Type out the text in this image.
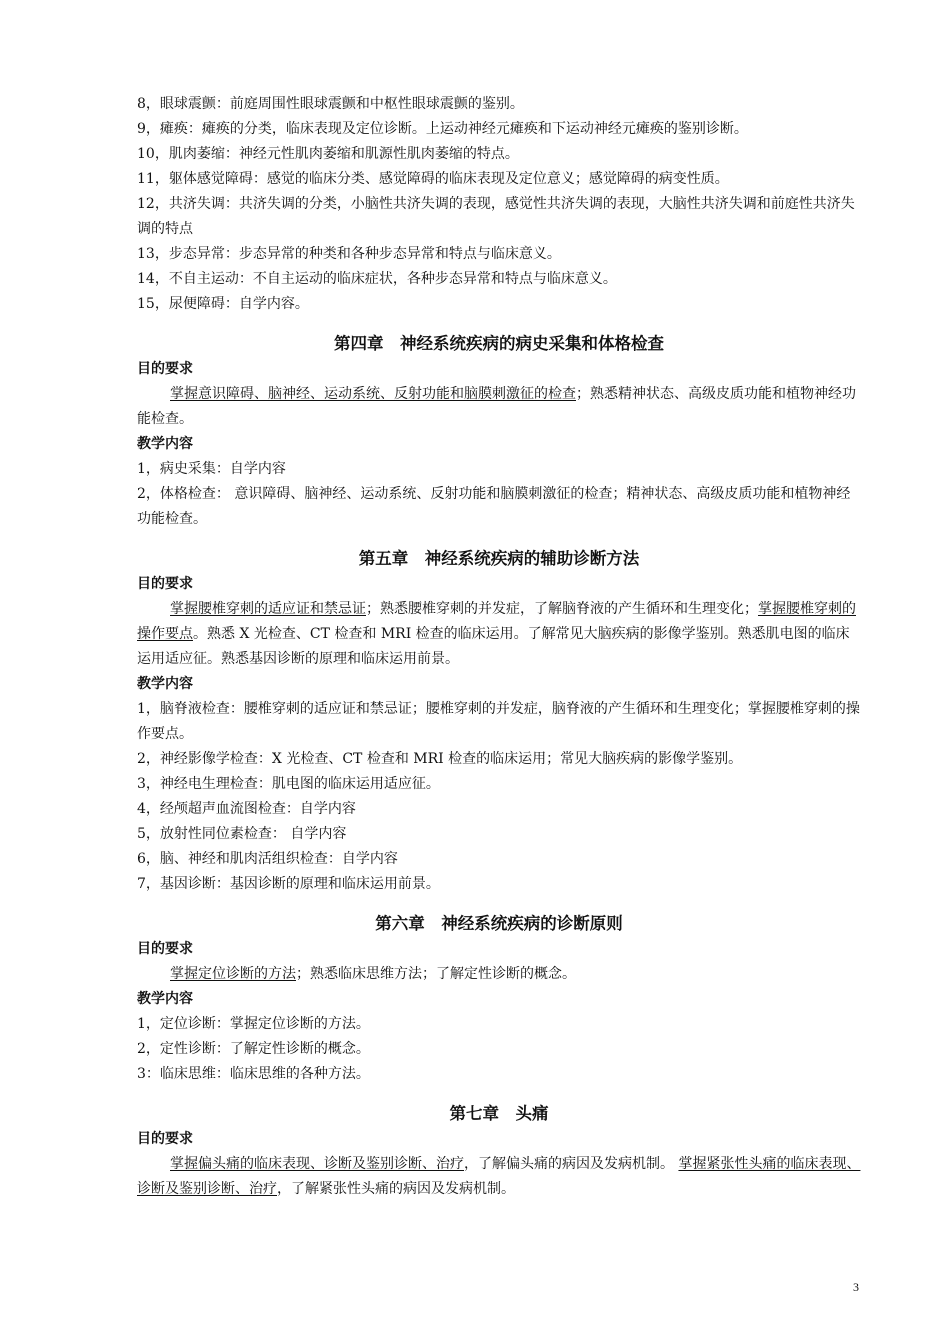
8，眼球震颤：前庭周围性眼球震颤和中枢性眼球震颤的鉴别。
9，瘫痪：瘫痪的分类，临床表现及定位诊断。上运动神经元瘫痪和下运动神经元瘫痪的鉴别诊断。
10，肌肉萎缩：神经元性肌肉萎缩和肌源性肌肉萎缩的特点。
11，躯体感觉障碍：感觉的临床分类、感觉障碍的临床表现及定位意义；感觉障碍的病变性质。
12，共济失调：共济失调的分类，小脑性共济失调的表现，感觉性共济失调的表现，大脑性共济失调和前庭性共济失调的特点
13，步态异常：步态异常的种类和各种步态异常和特点与临床意义。
14，不自主运动：不自主运动的临床症状，各种步态异常和特点与临床意义。
15，尿便障碍：自学内容。
第四章　神经系统疾病的病史采集和体格检查
目的要求
掌握意识障碍、脑神经、运动系统、反射功能和脑膜刺激征的检查；熟悉精神状态、高级皮质功能和植物神经功能检查。
教学内容
1，病史采集：自学内容
2，体格检查： 意识障碍、脑神经、运动系统、反射功能和脑膜刺激征的检查；精神状态、高级皮质功能和植物神经功能检查。
第五章　神经系统疾病的辅助诊断方法
目的要求
掌握腰椎穿刺的适应证和禁忌证；熟悉腰椎穿刺的并发症，了解脑脊液的产生循环和生理变化；掌握腰椎穿刺的操作要点。熟悉 X 光检查、CT 检查和 MRI 检查的临床运用。了解常见大脑疾病的影像学鉴别。熟悉肌电图的临床运用适应征。熟悉基因诊断的原理和临床运用前景。
教学内容
1，脑脊液检查：腰椎穿刺的适应证和禁忌证；腰椎穿刺的并发症，脑脊液的产生循环和生理变化；掌握腰椎穿刺的操作要点。
2，神经影像学检查：X 光检查、CT 检查和 MRI 检查的临床运用；常见大脑疾病的影像学鉴别。
3，神经电生理检查：肌电图的临床运用适应征。
4，经颅超声血流图检查：自学内容
5，放射性同位素检查： 自学内容
6，脑、神经和肌肉活组织检查：自学内容
7，基因诊断：基因诊断的原理和临床运用前景。
第六章　神经系统疾病的诊断原则
目的要求
掌握定位诊断的方法；熟悉临床思维方法；了解定性诊断的概念。
教学内容
1，定位诊断：掌握定位诊断的方法。
2，定性诊断：了解定性诊断的概念。
3：临床思维：临床思维的各种方法。
第七章　头痛
目的要求
掌握偏头痛的临床表现、诊断及鉴别诊断、治疗，了解偏头痛的病因及发病机制。 掌握紧张性头痛的临床表现、诊断及鉴别诊断、治疗，了解紧张性头痛的病因及发病机制。
3
